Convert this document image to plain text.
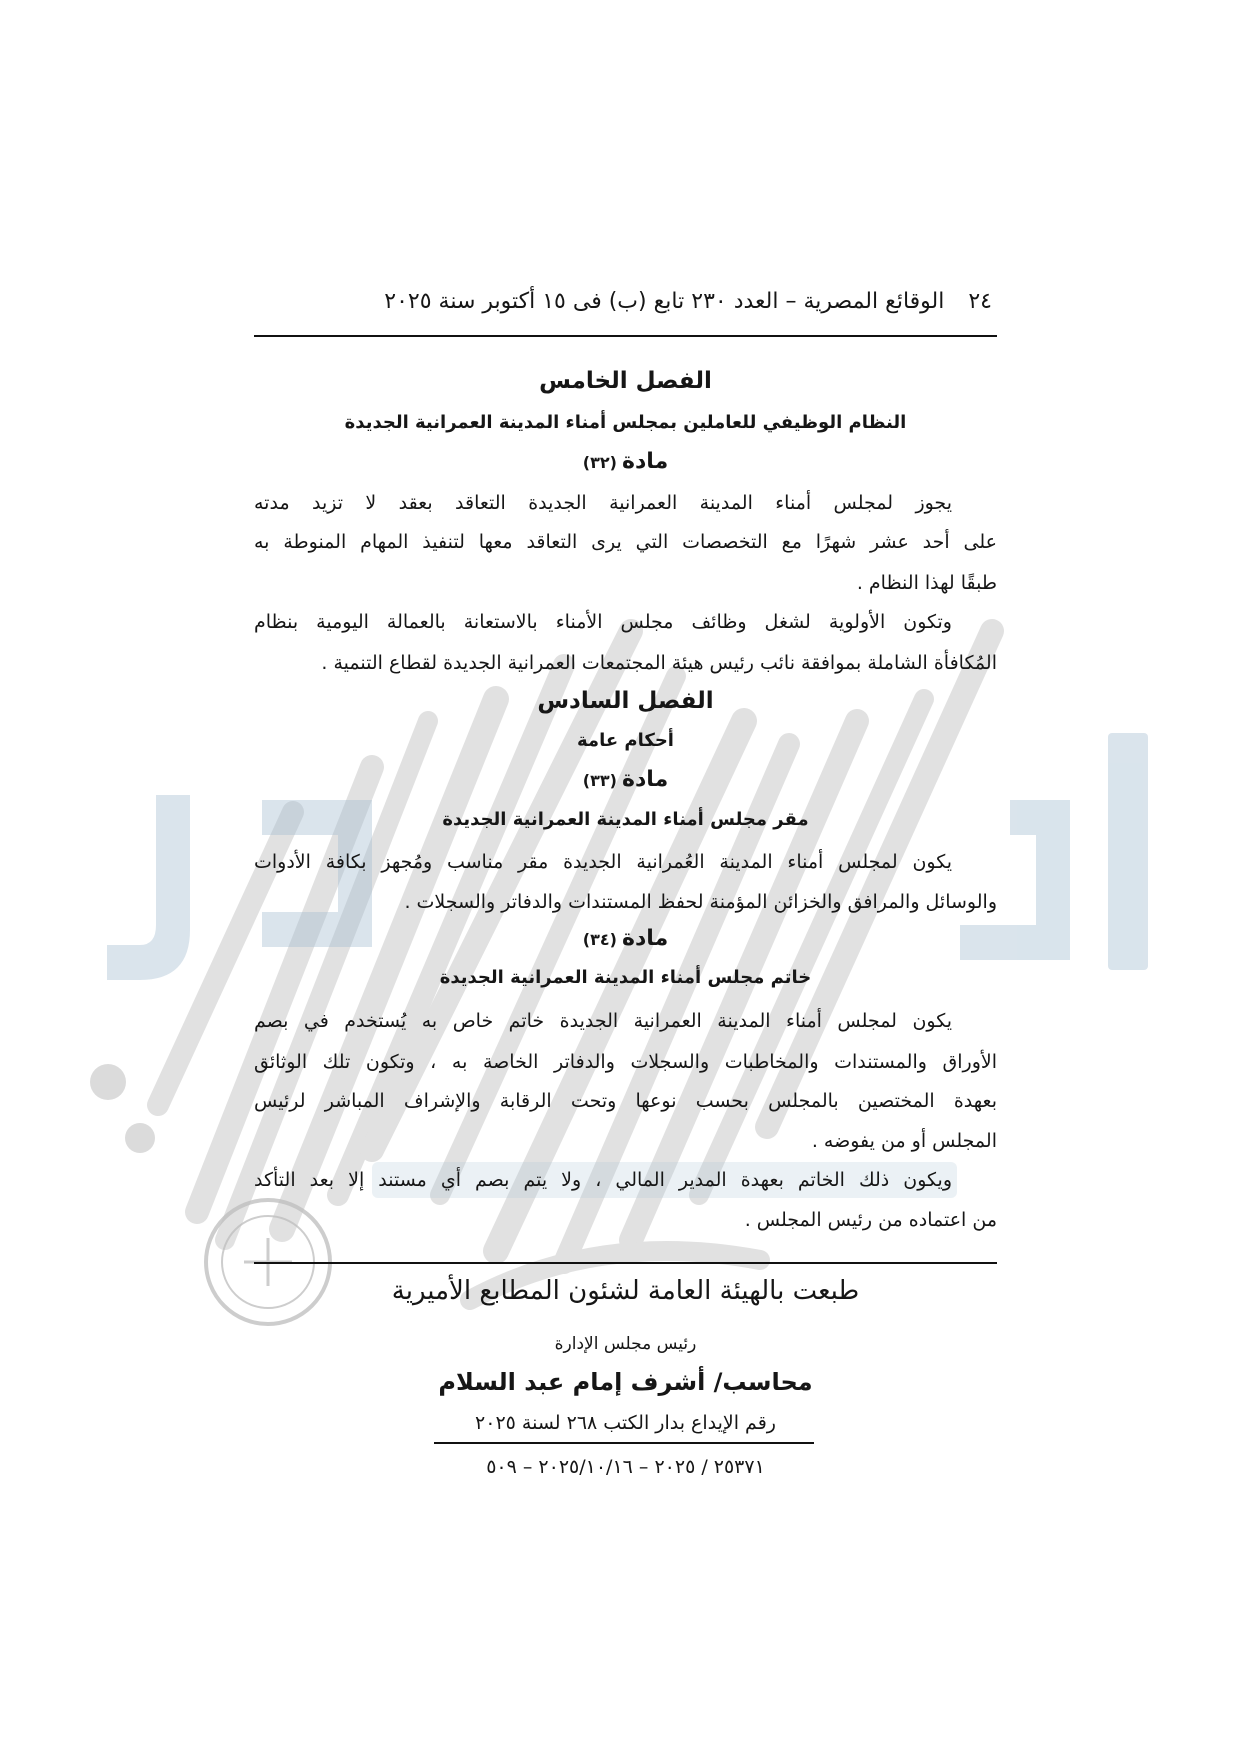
٢٤الوقائع المصرية – العدد ٢٣٠ تابع (ب) فى ١٥ أكتوبر سنة ٢٠٢٥
الفصل الخامس
النظام الوظيفي للعاملين بمجلس أمناء المدينة العمرانية الجديدة
مادة (٣٢)
يجوز لمجلس أمناء المدينة العمرانية الجديدة التعاقد بعقد لا تزيد مدته
على أحد عشر شهرًا مع التخصصات التي يرى التعاقد معها لتنفيذ المهام المنوطة به
طبقًا لهذا النظام .
وتكون الأولوية لشغل وظائف مجلس الأمناء بالاستعانة بالعمالة اليومية بنظام
المُكافأة الشاملة بموافقة نائب رئيس هيئة المجتمعات العمرانية الجديدة لقطاع التنمية .
الفصل السادس
أحكام عامة
مادة (٣٣)
مقر مجلس أمناء المدينة العمرانية الجديدة
يكون لمجلس أمناء المدينة العُمرانية الجديدة مقر مناسب ومُجهز بكافة الأدوات
والوسائل والمرافق والخزائن المؤمنة لحفظ المستندات والدفاتر والسجلات .
مادة (٣٤)
خاتم مجلس أمناء المدينة العمرانية الجديدة
يكون لمجلس أمناء المدينة العمرانية الجديدة خاتم خاص به يُستخدم في بصم
الأوراق والمستندات والمخاطبات والسجلات والدفاتر الخاصة به ، وتكون تلك الوثائق
بعهدة المختصين بالمجلس بحسب نوعها وتحت الرقابة والإشراف المباشر لرئيس
المجلس أو من يفوضه .
ويكون ذلك الخاتم بعهدة المدير المالي ، ولا يتم بصم أي مستند إلا بعد التأكد
من اعتماده من رئيس المجلس .
طبعت بالهيئة العامة لشئون المطابع الأميرية
رئيس مجلس الإدارة
محاسب/ أشرف إمام عبد السلام
رقم الإيداع بدار الكتب ٢٦٨ لسنة ٢٠٢٥
٢٥٣٧١ / ٢٠٢٥ – ٢٠٢٥/١٠/١٦ – ٥٠٩
